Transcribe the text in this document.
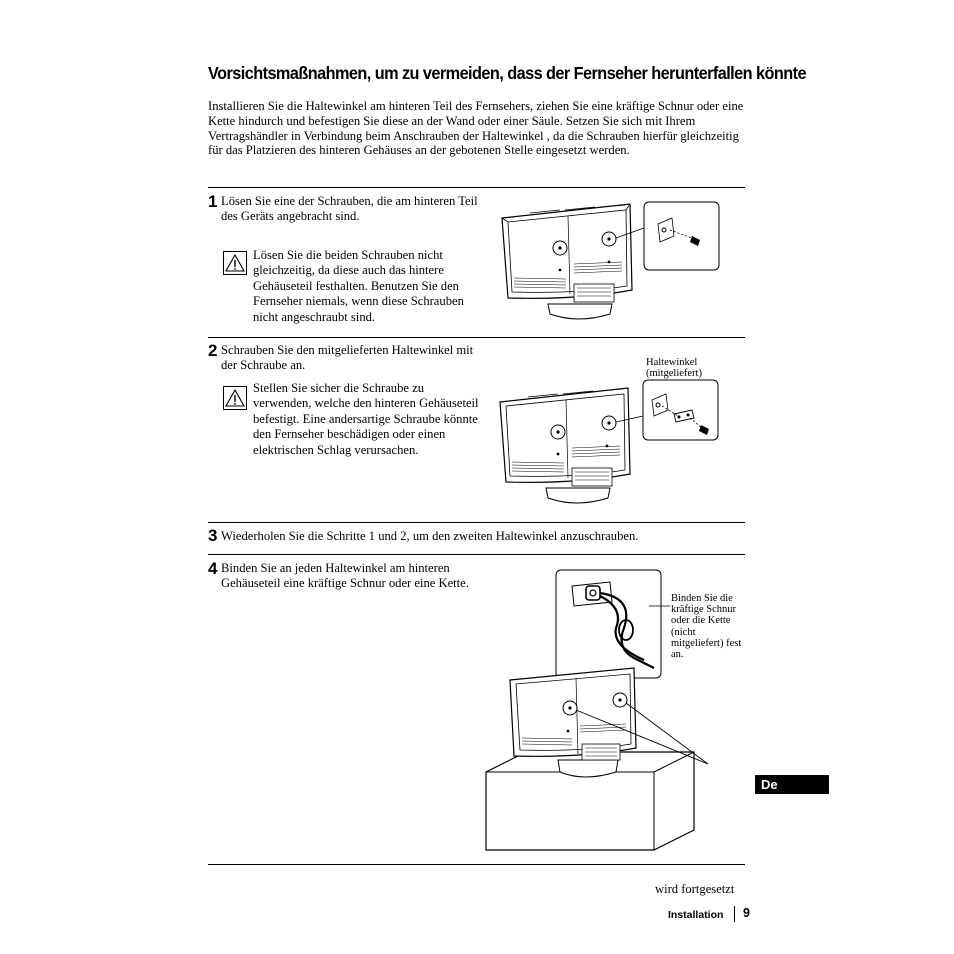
Vorsichtsmaßnahmen, um zu vermeiden, dass der Fernseher herunterfallen könnte
Installieren Sie die Haltewinkel am hinteren Teil des Fernsehers, ziehen Sie eine kräftige Schnur oder eine Kette hindurch und befestigen Sie diese an der Wand oder einer Säule. Setzen Sie sich mit Ihrem Vertragshändler in Verbindung beim Anschrauben der Haltewinkel , da die Schrauben hierfür gleichzeitig für das Platzieren des hinteren Gehäuses an der gebotenen Stelle eingesetzt werden.
1 Lösen Sie eine der Schrauben, die am hinteren Teil des Geräts angebracht sind.
Lösen Sie die beiden Schrauben nicht gleichzeitig, da diese auch das hintere Gehäuseteil festhalten. Benutzen Sie den Fernseher niemals, wenn diese Schrauben nicht angeschraubt sind.
2 Schrauben Sie den mitgelieferten Haltewinkel mit der Schraube an.
Stellen Sie sicher die Schraube zu verwenden, welche den hinteren Gehäuseteil befestigt. Eine andersartige Schraube könnte den Fernseher beschädigen oder einen elektrischen Schlag verursachen.
Haltewinkel (mitgeliefert)
3 Wiederholen Sie die Schritte 1 und 2, um den zweiten Haltewinkel anzuschrauben.
4 Binden Sie an jeden Haltewinkel am hinteren Gehäuseteil eine kräftige Schnur oder eine Kette.
Binden Sie die kräftige Schnur oder die Kette (nicht mitgeliefert) fest an.
De
wird fortgesetzt
Installation 9
